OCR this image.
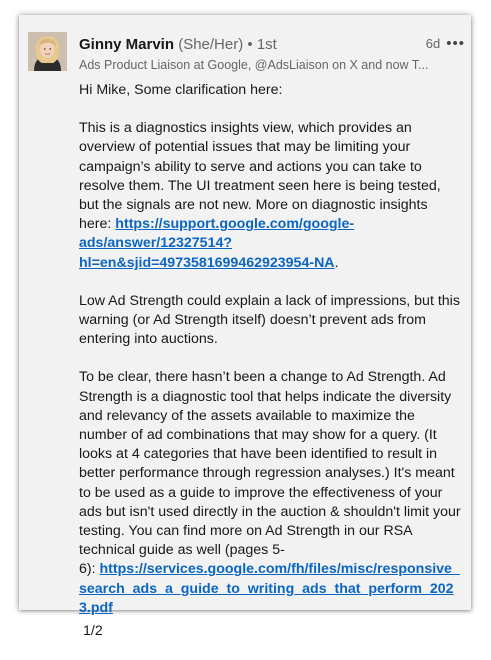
Ginny Marvin (She/Her) • 1st
Ads Product Liaison at Google, @AdsLiaison on X and now T...
6d •••

Hi Mike, Some clarification here:

This is a diagnostics insights view, which provides an overview of potential issues that may be limiting your campaign’s ability to serve and actions you can take to resolve them. The UI treatment seen here is being tested, but the signals are not new. More on diagnostic insights
here: https://support.google.com/google-ads/answer/12327514?hl=en&sjid=4973581699462923954-NA.

Low Ad Strength could explain a lack of impressions, but this warning (or Ad Strength itself) doesn’t prevent ads from entering into auctions.

To be clear, there hasn’t been a change to Ad Strength. Ad Strength is a diagnostic tool that helps indicate the diversity and relevancy of the assets available to maximize the number of ad combinations that may show for a query. (It looks at 4 categories that have been identified to result in better performance through regression analyses.) It's meant to be used as a guide to improve the effectiveness of your ads but isn't used directly in the auction & shouldn't limit your testing. You can find more on Ad Strength in our RSA technical guide as well (pages 5-
6): https://services.google.com/fh/files/misc/responsive_search_ads_a_guide_to_writing_ads_that_perform_2023.pdf
1/2
